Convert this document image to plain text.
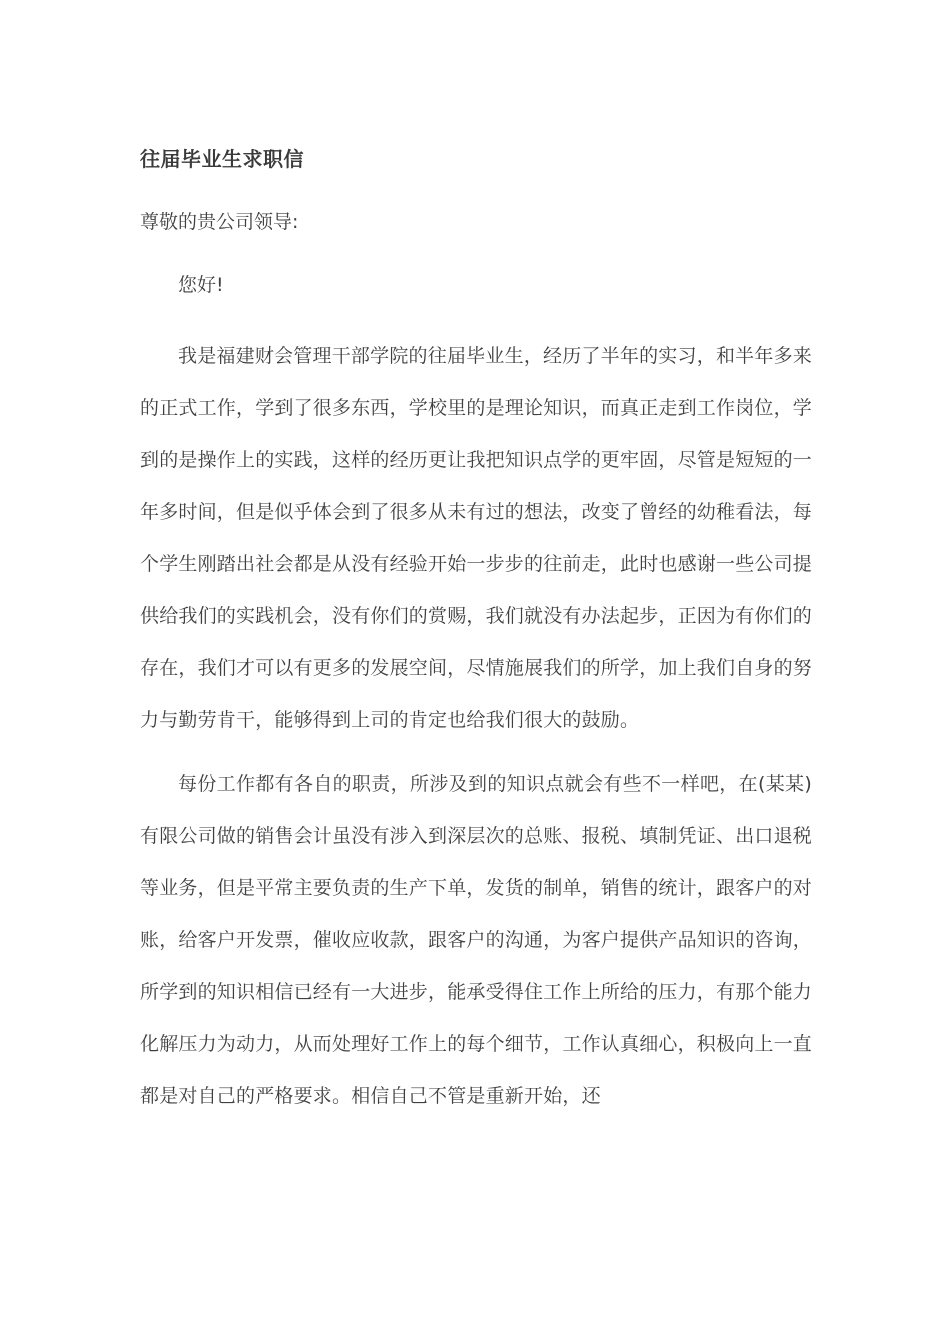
往届毕业生求职信

尊敬的贵公司领导:

您好!

我是福建财会管理干部学院的往届毕业生，经历了半年的实习，和半年多来的正式工作，学到了很多东西，学校里的是理论知识，而真正走到工作岗位，学到的是操作上的实践，这样的经历更让我把知识点学的更牢固，尽管是短短的一年多时间，但是似乎体会到了很多从未有过的想法，改变了曾经的幼稚看法，每个学生刚踏出社会都是从没有经验开始一步步的往前走，此时也感谢一些公司提供给我们的实践机会，没有你们的赏赐，我们就没有办法起步，正因为有你们的存在，我们才可以有更多的发展空间，尽情施展我们的所学，加上我们自身的努力与勤劳肯干，能够得到上司的肯定也给我们很大的鼓励。

每份工作都有各自的职责，所涉及到的知识点就会有些不一样吧，在(某某)有限公司做的销售会计虽没有涉入到深层次的总账、报税、填制凭证、出口退税等业务，但是平常主要负责的生产下单，发货的制单，销售的统计，跟客户的对账，给客户开发票，催收应收款，跟客户的沟通，为客户提供产品知识的咨询，所学到的知识相信已经有一大进步，能承受得住工作上所给的压力，有那个能力化解压力为动力，从而处理好工作上的每个细节，工作认真细心，积极向上一直都是对自己的严格要求。相信自己不管是重新开始，还
